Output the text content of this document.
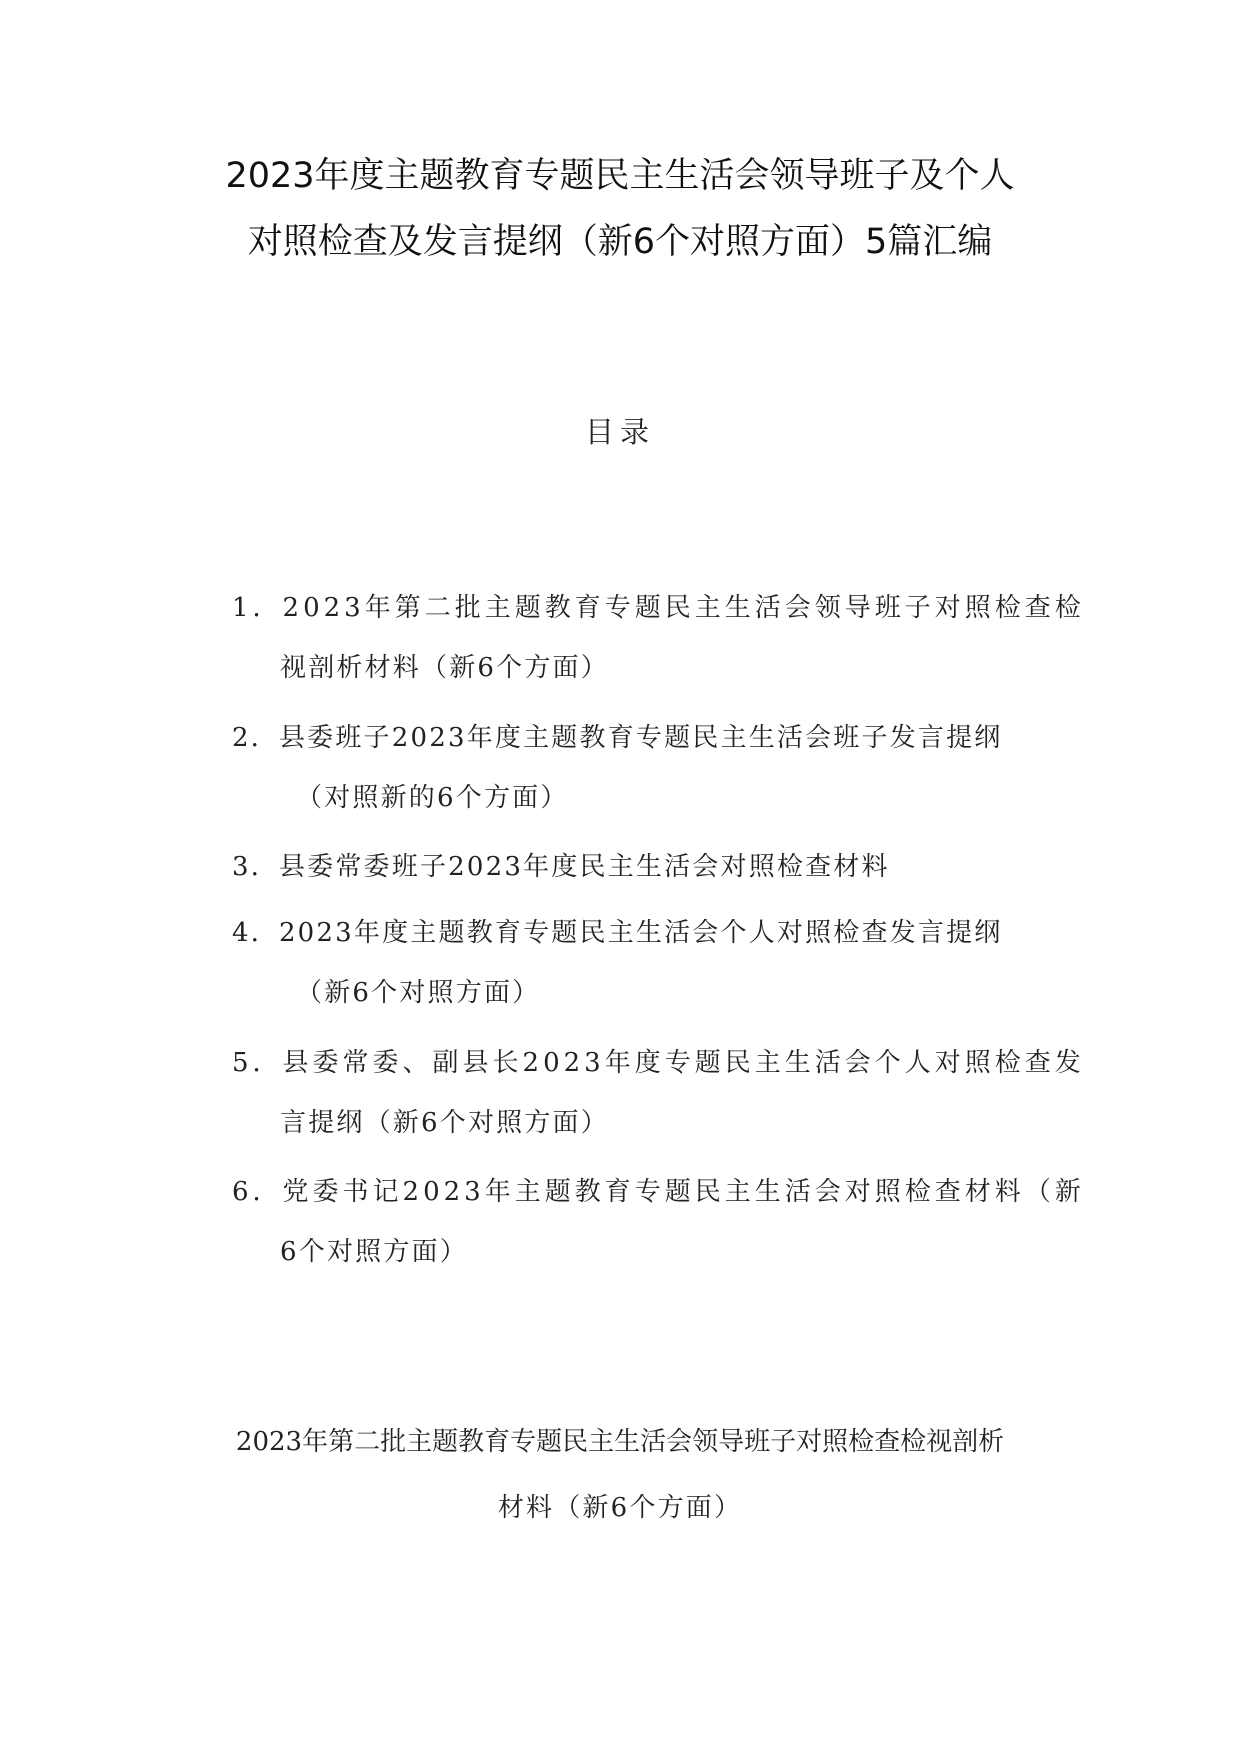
2023年度主题教育专题民主生活会领导班子及个人
对照检查及发言提纲（新6个对照方面）5篇汇编
目录
1．2023年第二批主题教育专题民主生活会领导班子对照检查检
视剖析材料（新6个方面）
2．县委班子2023年度主题教育专题民主生活会班子发言提纲
（对照新的6个方面）
3．县委常委班子2023年度民主生活会对照检查材料
4．2023年度主题教育专题民主生活会个人对照检查发言提纲
（新6个对照方面）
5．县委常委、副县长2023年度专题民主生活会个人对照检查发
言提纲（新6个对照方面）
6．党委书记2023年主题教育专题民主生活会对照检查材料（新
6个对照方面）
2023年第二批主题教育专题民主生活会领导班子对照检查检视剖析
材料（新6个方面）
